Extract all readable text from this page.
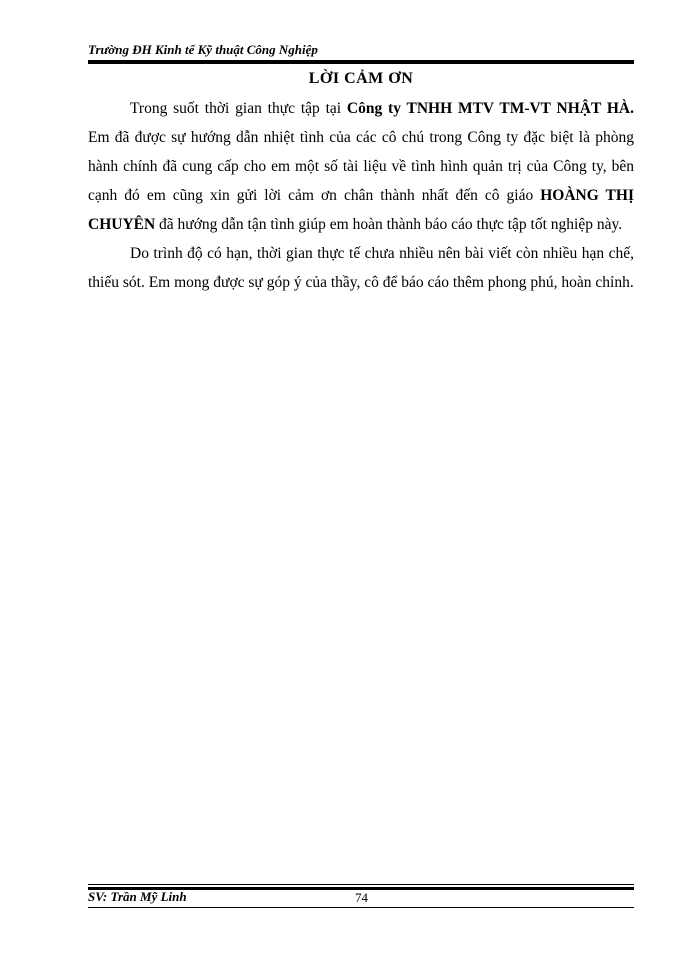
Trường ĐH Kinh tế Kỹ thuật Công Nghiệp
LỜI CẢM ƠN

Trong suốt thời gian thực tập tại Công ty TNHH MTV TM-VT NHẬT HÀ. Em đã được sự hướng dẫn nhiệt tình của các cô chú trong Công ty đặc biệt là phòng hành chính đã cung cấp cho em một số tài liệu về tình hình quản trị của Công ty, bên cạnh đó em cũng xin gửi lời cảm ơn chân thành nhất đến cô giáo HOÀNG THỊ CHUYÊN đã hướng dẫn tận tình giúp em hoàn thành báo cáo thực tập tốt nghiệp này.

Do trình độ có hạn, thời gian thực tế chưa nhiều nên bài viết còn nhiều hạn chế, thiếu sót. Em mong được sự góp ý của thầy, cô để báo cáo thêm phong phú, hoàn chỉnh.

SV: Trần Mỹ Linh	74
